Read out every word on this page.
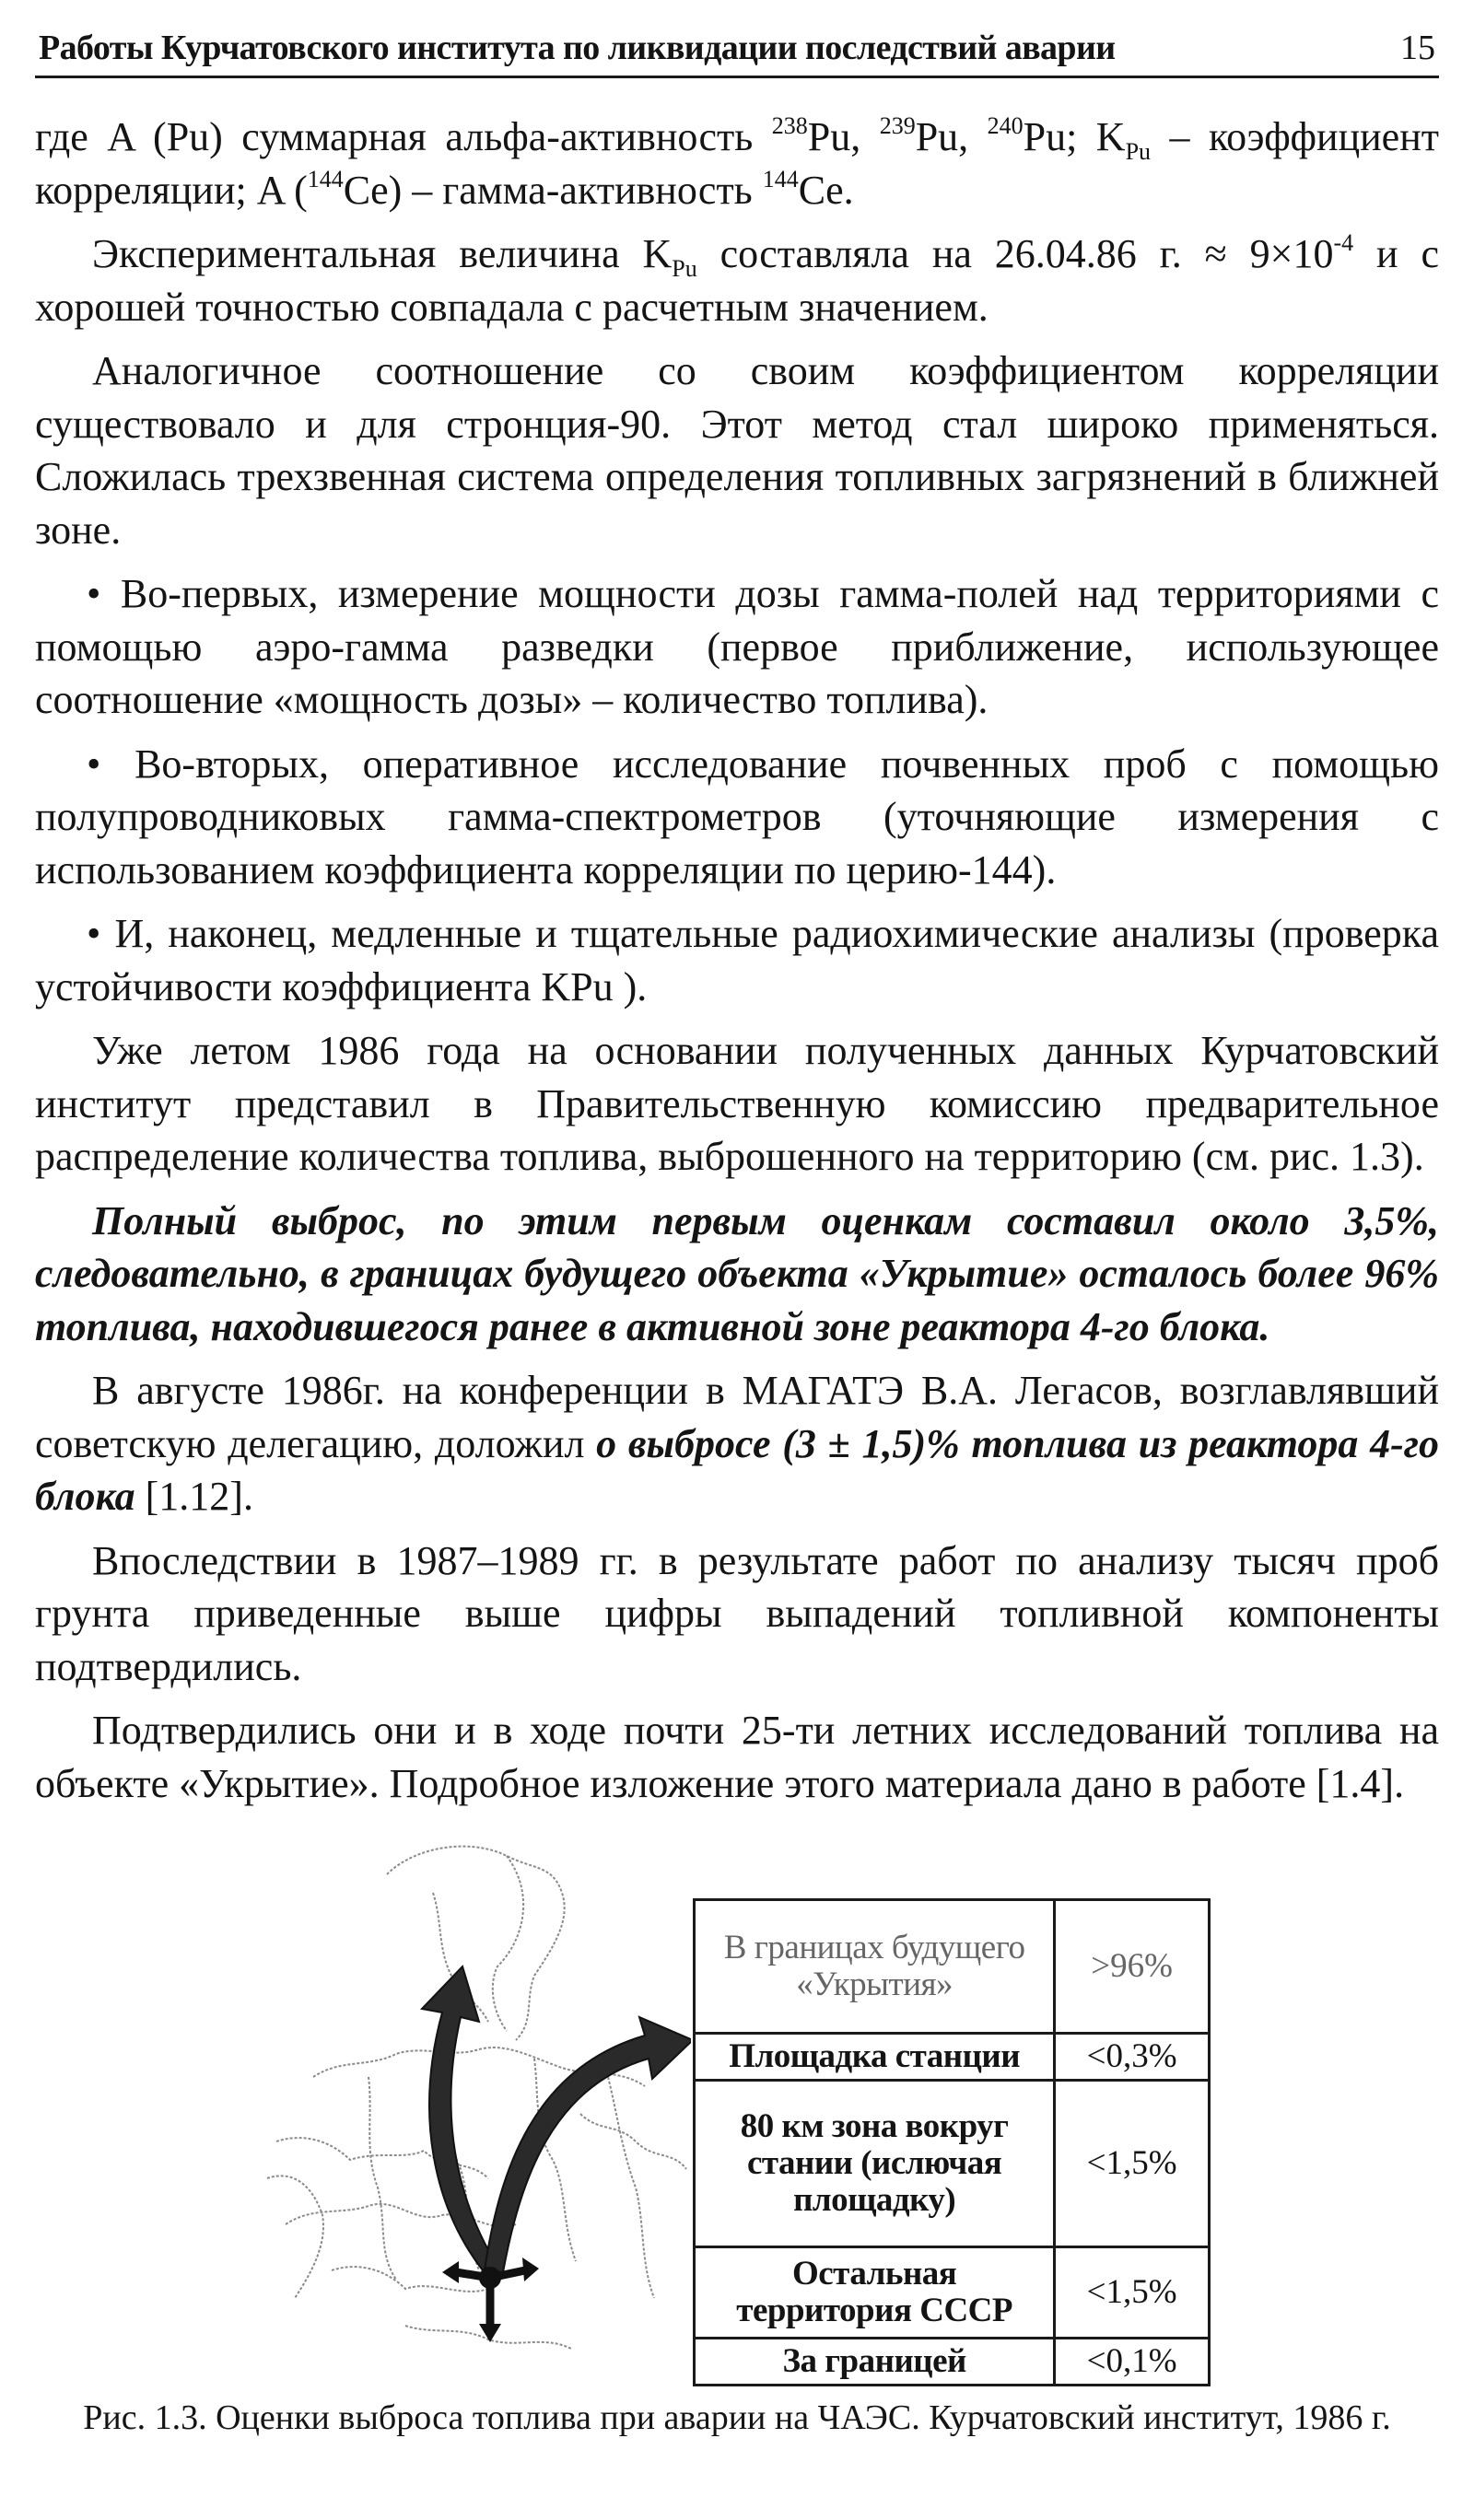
Работы Курчатовского института по ликвидации последствий аварии	15

где A (Pu) суммарная альфа-активность $^{238}$Pu, $^{239}$Pu, $^{240}$Pu; $K_{Pu}$ – коэффициент корреляции; A ($^{144}$Ce) – гамма-активность $^{144}$Ce.

Экспериментальная величина $K_{Pu}$ составляла на 26.04.86 г. ≈ $9\times 10^{-4}$ и с хорошей точностью совпадала с расчетным значением.

Аналогичное соотношение со своим коэффициентом корреляции существовало и для стронция-90. Этот метод стал широко применяться. Сложилась трехзвенная система определения топливных загрязнений в ближней зоне.

• Во-первых, измерение мощности дозы гамма-полей над территориями с помощью аэро-гамма разведки (первое приближение, использующее соотношение «мощность дозы» – количество топлива).

• Во-вторых, оперативное исследование почвенных проб с помощью полупроводниковых гамма-спектрометров (уточняющие измерения с использованием коэффициента корреляции по церию-144).

• И, наконец, медленные и тщательные радиохимические анализы (проверка устойчивости коэффициента KPu ).

Уже летом 1986 года на основании полученных данных Курчатовский институт представил в Правительственную комиссию предварительное распределение количества топлива, выброшенного на территорию (см. рис. 1.3).

Полный выброс, по этим первым оценкам составил около 3,5%, следовательно, в границах будущего объекта «Укрытие» осталось более 96% топлива, находившегося ранее в активной зоне реактора 4-го блока.

В августе 1986г. на конференции в МАГАТЭ В.А. Легасов, возглавлявший советскую делегацию, доложил о выбросе (3 ± 1,5)% топлива из реактора 4-го блока [1.12].

Впоследствии в 1987–1989 гг. в результате работ по анализу тысяч проб грунта приведенные выше цифры выпадений топливной компоненты подтвердились.

Подтвердились они и в ходе почти 25-ти летних исследований топлива на объекте «Укрытие». Подробное изложение этого материала дано в работе [1.4].

В границах будущего «Укрытия»	>96%
Площадка станции	<0,3%
80 км зона вокруг стании (ислючая площадку)	<1,5%
Остальная территория СССР	<1,5%
За границей	<0,1%
Рис. 1.3. Оценки выброса топлива при аварии на ЧАЭС. Курчатовский институт, 1986 г.
